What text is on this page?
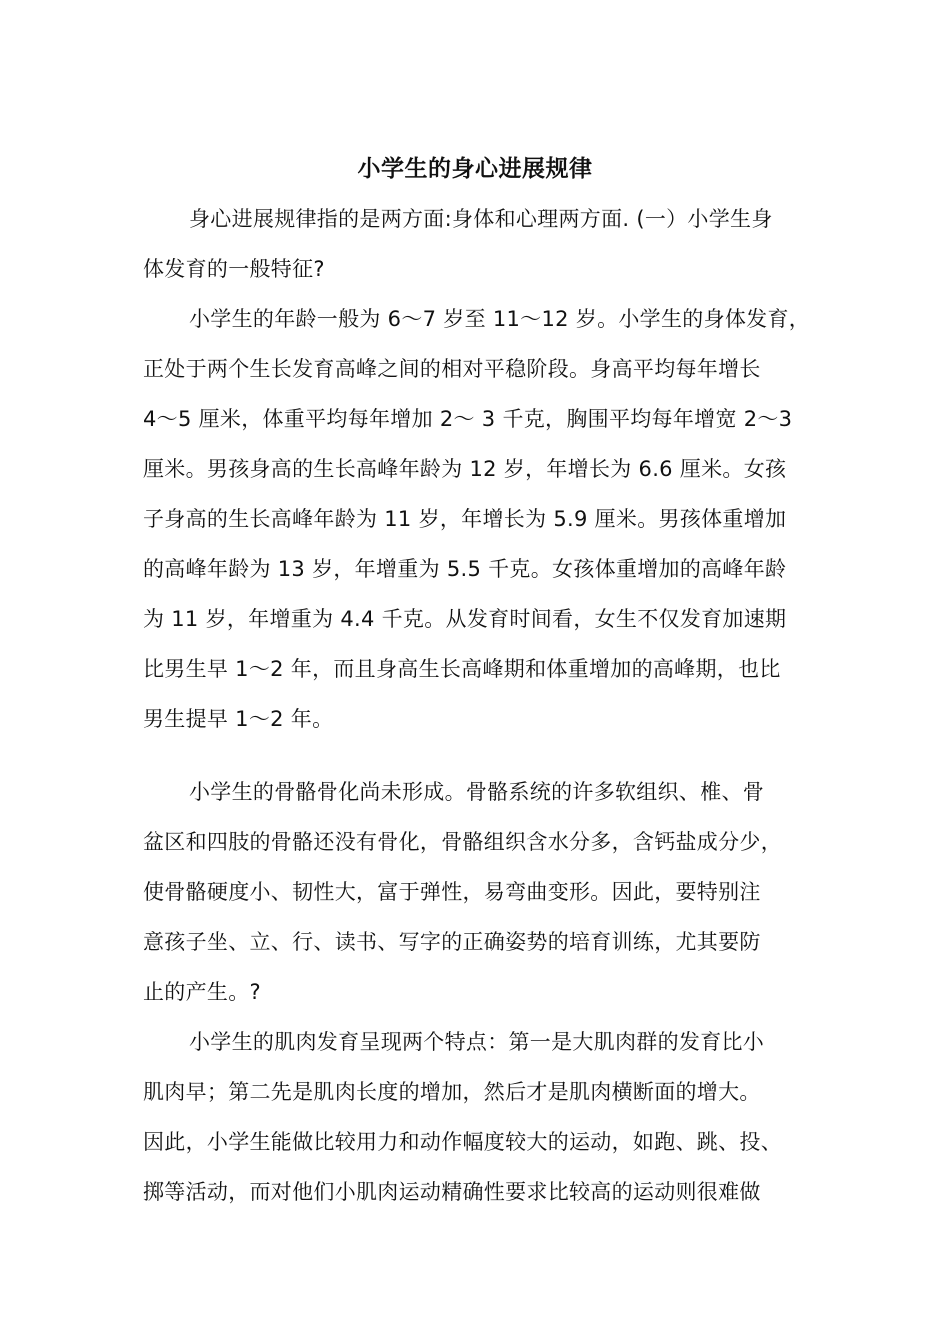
小学生的身心进展规律
身心进展规律指的是两方面:身体和心理两方面. (一）小学生身
体发育的一般特征?
小学生的年龄一般为 6～7 岁至 11～12 岁。小学生的身体发育，
正处于两个生长发育高峰之间的相对平稳阶段。身高平均每年增长
4～5 厘米，体重平均每年增加 2～ 3 千克，胸围平均每年增宽 2～3
厘米。男孩身高的生长高峰年龄为 12 岁，年增长为 6.6 厘米。女孩
子身高的生长高峰年龄为 11 岁，年增长为 5.9 厘米。男孩体重增加
的高峰年龄为 13 岁，年增重为 5.5 千克。女孩体重增加的高峰年龄
为 11 岁，年增重为 4.4 千克。从发育时间看，女生不仅发育加速期
比男生早 1～2 年，而且身高生长高峰期和体重增加的高峰期，也比
男生提早 1～2 年。
小学生的骨骼骨化尚未形成。骨骼系统的许多软组织、椎、骨
盆区和四肢的骨骼还没有骨化，骨骼组织含水分多，含钙盐成分少，
使骨骼硬度小、韧性大，富于弹性，易弯曲变形。因此，要特别注
意孩子坐、立、行、读书、写字的正确姿势的培育训练，尤其要防
止的产生。?
小学生的肌肉发育呈现两个特点：第一是大肌肉群的发育比小
肌肉早；第二先是肌肉长度的增加，然后才是肌肉横断面的增大。
因此，小学生能做比较用力和动作幅度较大的运动，如跑、跳、投、
掷等活动，而对他们小肌肉运动精确性要求比较高的运动则很难做
